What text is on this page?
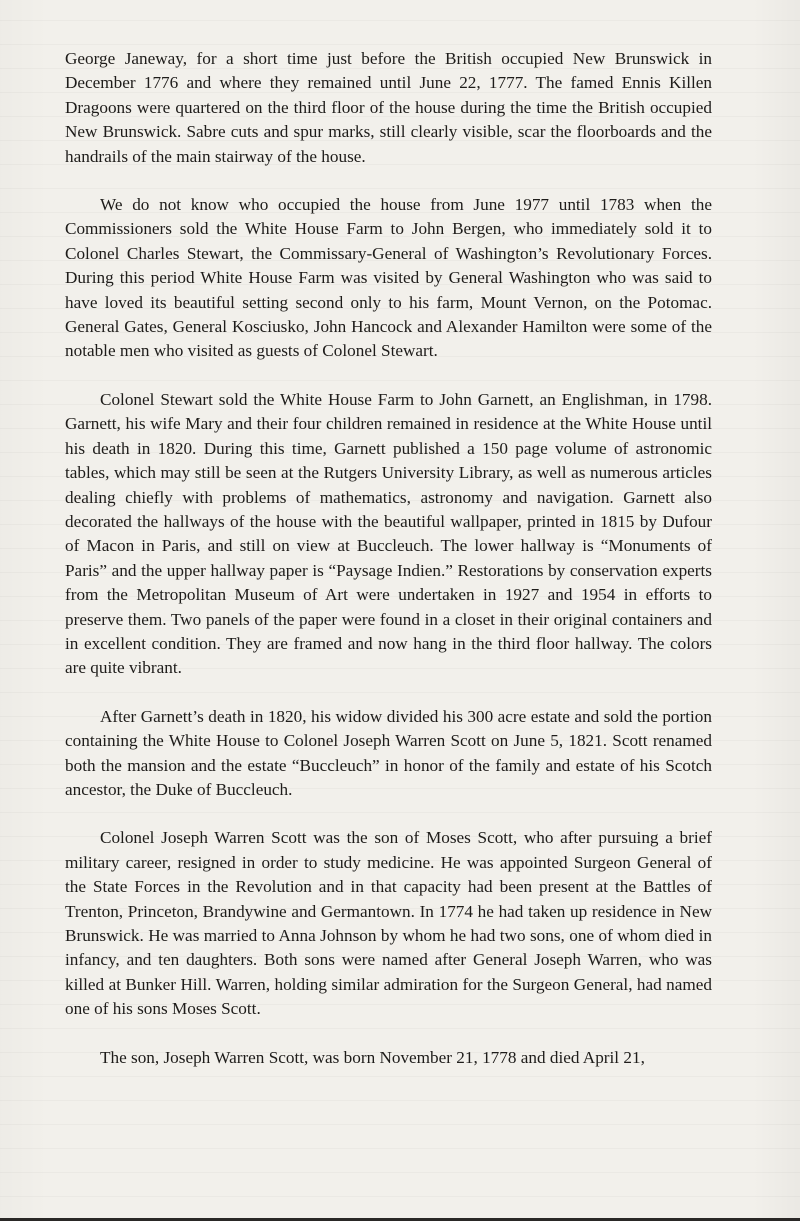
George Janeway, for a short time just before the British occupied New Brunswick in December 1776 and where they remained until June 22, 1777. The famed Ennis Killen Dragoons were quartered on the third floor of the house during the time the British occupied New Brunswick. Sabre cuts and spur marks, still clearly visible, scar the floorboards and the handrails of the main stairway of the house.

We do not know who occupied the house from June 1977 until 1783 when the Commissioners sold the White House Farm to John Bergen, who immediately sold it to Colonel Charles Stewart, the Commissary-General of Washington’s Revolutionary Forces. During this period White House Farm was visited by General Washington who was said to have loved its beautiful setting second only to his farm, Mount Vernon, on the Potomac. General Gates, General Kosciusko, John Hancock and Alexander Hamilton were some of the notable men who visited as guests of Colonel Stewart.

Colonel Stewart sold the White House Farm to John Garnett, an Englishman, in 1798. Garnett, his wife Mary and their four children remained in residence at the White House until his death in 1820. During this time, Garnett published a 150 page volume of astronomic tables, which may still be seen at the Rutgers University Library, as well as numerous articles dealing chiefly with problems of mathematics, astronomy and navigation. Garnett also decorated the hallways of the house with the beautiful wallpaper, printed in 1815 by Dufour of Macon in Paris, and still on view at Buccleuch. The lower hallway is “Monuments of Paris” and the upper hallway paper is “Paysage Indien.” Restorations by conservation experts from the Metropolitan Museum of Art were undertaken in 1927 and 1954 in efforts to preserve them. Two panels of the paper were found in a closet in their original containers and in excellent condition. They are framed and now hang in the third floor hallway. The colors are quite vibrant.

After Garnett’s death in 1820, his widow divided his 300 acre estate and sold the portion containing the White House to Colonel Joseph Warren Scott on June 5, 1821. Scott renamed both the mansion and the estate “Buccleuch” in honor of the family and estate of his Scotch ancestor, the Duke of Buccleuch.

Colonel Joseph Warren Scott was the son of Moses Scott, who after pursuing a brief military career, resigned in order to study medicine. He was appointed Surgeon General of the State Forces in the Revolution and in that capacity had been present at the Battles of Trenton, Princeton, Brandywine and Germantown. In 1774 he had taken up residence in New Brunswick. He was married to Anna Johnson by whom he had two sons, one of whom died in infancy, and ten daughters. Both sons were named after General Joseph Warren, who was killed at Bunker Hill. Warren, holding similar admiration for the Surgeon General, had named one of his sons Moses Scott.

The son, Joseph Warren Scott, was born November 21, 1778 and died April 21,
